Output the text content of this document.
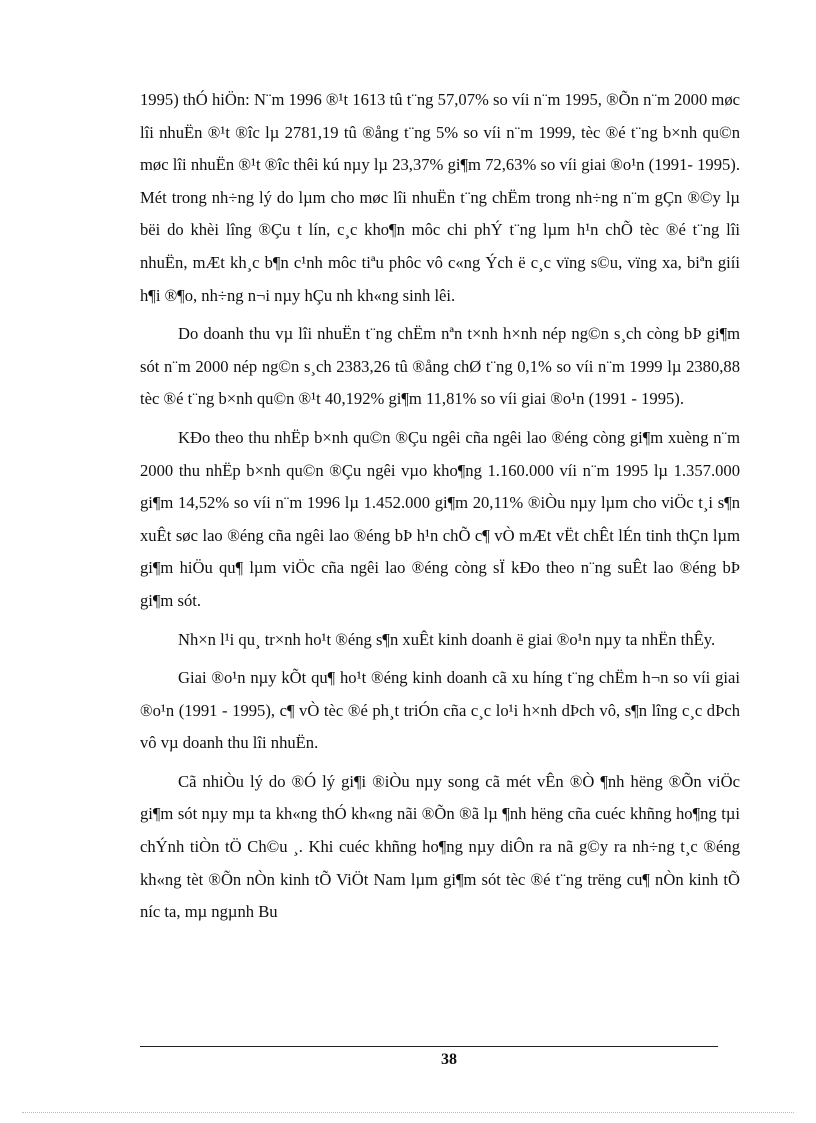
1995) thÓ hiÖn: N¨m 1996 ®¹t 1613 tû t¨ng 57,07% so víi n¨m 1995, ®Õn n¨m 2000 møc lîi nhuËn ®¹t ®îc lµ 2781,19 tû ®ång t¨ng 5% so víi n¨m 1999, tèc ®é t¨ng b×nh qu©n møc lîi nhuËn ®¹t ®îc thêi kú nµy lµ 23,37% gi¶m 72,63% so víi giai ®o¹n (1991- 1995). Mét trong nh÷ng lý do lµm cho møc lîi nhuËn t¨ng chËm trong nh÷ng n¨m gÇn ®©y lµ bëi do khèi lîng ®Çu t lín, c¸c kho¶n môc chi phÝ t¨ng lµm h¹n chÕ tèc ®é t¨ng lîi nhuËn, mÆt kh¸c b¶n c¹nh môc tiªu phôc vô c«ng Ých ë c¸c vïng s©u, vïng xa, biªn giíi h¶i ®¶o, nh÷ng n¬i nµy hÇu nh kh«ng sinh lêi.

Do doanh thu vµ lîi nhuËn t¨ng chËm nªn t×nh h×nh nép ng©n s¸ch còng bÞ gi¶m sót n¨m 2000 nép ng©n s¸ch 2383,26 tû ®ång chØ t¨ng 0,1% so víi n¨m 1999 lµ 2380,88 tèc ®é t¨ng b×nh qu©n ®¹t 40,192% gi¶m 11,81% so víi giai ®o¹n (1991 - 1995).

KÐo theo thu nhËp b×nh qu©n ®Çu ngêi cña ngêi lao ®éng còng gi¶m xuèng n¨m 2000 thu nhËp b×nh qu©n ®Çu ngêi vµo kho¶ng 1.160.000 víi n¨m 1995 lµ 1.357.000 gi¶m 14,52% so víi n¨m 1996 lµ 1.452.000 gi¶m 20,11% ®iÒu nµy lµm cho viÖc t¸i s¶n xuÊt søc lao ®éng cña ngêi lao ®éng bÞ h¹n chÕ c¶ vÒ mÆt vËt chÊt lÉn tinh thÇn lµm gi¶m hiÖu qu¶ lµm viÖc cña ngêi lao ®éng còng sÏ kÐo theo n¨ng suÊt lao ®éng bÞ gi¶m sót.

Nh×n l¹i qu¸ tr×nh ho¹t ®éng s¶n xuÊt kinh doanh ë giai ®o¹n nµy ta nhËn thÊy.

Giai ®o¹n nµy kÕt qu¶ ho¹t ®éng kinh doanh cã xu híng t¨ng chËm h¬n so víi giai ®o¹n (1991 - 1995), c¶ vÒ tèc ®é ph¸t triÓn cña c¸c lo¹i h×nh dÞch vô, s¶n lîng c¸c dÞch vô vµ doanh thu lîi nhuËn.

Cã nhiÒu lý do ®Ó lý gi¶i ®iÒu nµy song cã mét vÊn ®Ò ¶nh hëng ®Õn viÖc gi¶m sót nµy mµ ta kh«ng thÓ kh«ng nãi ®Õn ®ã lµ ¶nh hëng cña cuéc khñng ho¶ng tµi chÝnh tiÒn tÖ Ch©u ¸. Khi cuéc khñng ho¶ng nµy diÔn ra nã g©y ra nh÷ng t¸c ®éng kh«ng tèt ®Õn nÒn kinh tÕ ViÖt Nam lµm gi¶m sót tèc ®é t¨ng trëng cu¶ nÒn kinh tÕ níc ta, mµ ngµnh Bu

38
